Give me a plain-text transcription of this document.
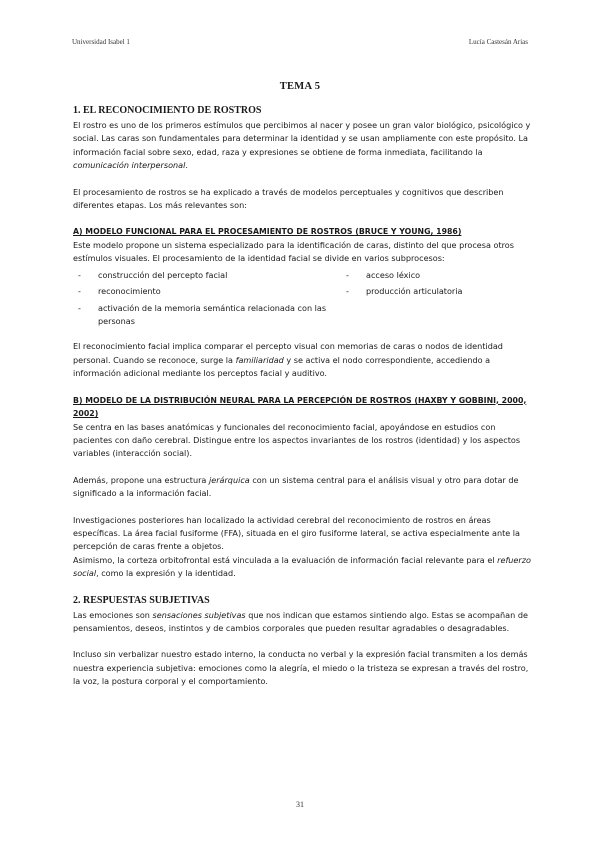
Universidad Isabel 1	Lucía Castesán Arias
TEMA 5
1. EL RECONOCIMIENTO DE ROSTROS

El rostro es uno de los primeros estímulos que percibimos al nacer y posee un gran valor biológico, psicológico y social. Las caras son fundamentales para determinar la identidad y se usan ampliamente con este propósito. La información facial sobre sexo, edad, raza y expresiones se obtiene de forma inmediata, facilitando la comunicación interpersonal.

El procesamiento de rostros se ha explicado a través de modelos perceptuales y cognitivos que describen diferentes etapas. Los más relevantes son:

A) MODELO FUNCIONAL PARA EL PROCESAMIENTO DE ROSTROS (BRUCE Y YOUNG, 1986)

Este modelo propone un sistema especializado para la identificación de caras, distinto del que procesa otros estímulos visuales. El procesamiento de la identidad facial se divide en varios subprocesos:

- construcción del percepto facial
- reconocimiento
- activación de la memoria semántica relacionada con las personas
- acceso léxico
- producción articulatoria

El reconocimiento facial implica comparar el percepto visual con memorias de caras o nodos de identidad personal. Cuando se reconoce, surge la familiaridad y se activa el nodo correspondiente, accediendo a información adicional mediante los perceptos facial y auditivo.

B) MODELO DE LA DISTRIBUCIÓN NEURAL PARA LA PERCEPCIÓN DE ROSTROS (HAXBY Y GOBBINI, 2000, 2002)

Se centra en las bases anatómicas y funcionales del reconocimiento facial, apoyándose en estudios con pacientes con daño cerebral. Distingue entre los aspectos invariantes de los rostros (identidad) y los aspectos variables (interacción social).

Además, propone una estructura jerárquica con un sistema central para el análisis visual y otro para dotar de significado a la información facial.

Investigaciones posteriores han localizado la actividad cerebral del reconocimiento de rostros en áreas específicas. La área facial fusiforme (FFA), situada en el giro fusiforme lateral, se activa especialmente ante la percepción de caras frente a objetos.

Asimismo, la corteza orbitofrontal está vinculada a la evaluación de información facial relevante para el refuerzo social, como la expresión y la identidad.

2. RESPUESTAS SUBJETIVAS

Las emociones son sensaciones subjetivas que nos indican que estamos sintiendo algo. Estas se acompañan de pensamientos, deseos, instintos y de cambios corporales que pueden resultar agradables o desagradables.

Incluso sin verbalizar nuestro estado interno, la conducta no verbal y la expresión facial transmiten a los demás nuestra experiencia subjetiva: emociones como la alegría, el miedo o la tristeza se expresan a través del rostro, la voz, la postura corporal y el comportamiento.

31
